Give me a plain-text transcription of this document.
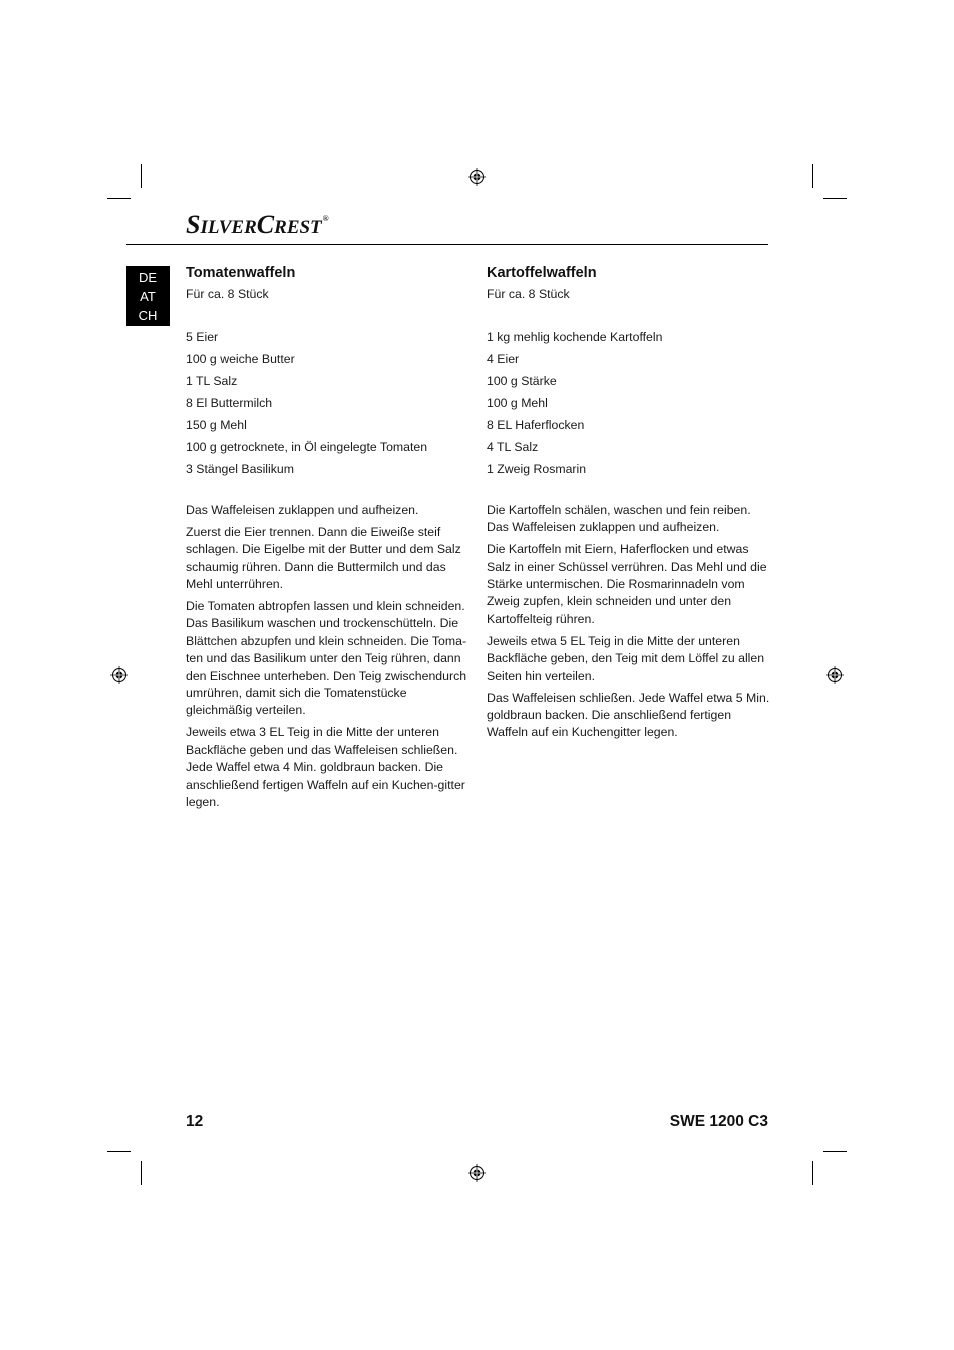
SILVERCREST®
DE
AT
CH
Tomatenwaffeln

Für ca. 8 Stück

5 Eier
100 g weiche Butter
1 TL Salz
8 El Buttermilch
150 g Mehl
100 g getrocknete, in Öl eingelegte Tomaten
3 Stängel Basilikum

Das Waffeleisen zuklappen und aufheizen.

Zuerst die Eier trennen. Dann die Eiweiße steif schlagen. Die Eigelbe mit der Butter und dem Salz schaumig rühren. Dann die Buttermilch und das Mehl unterrühren.

Die Tomaten abtropfen lassen und klein schneiden. Das Basilikum waschen und trockenschütteln. Die Blättchen abzupfen und klein schneiden. Die Toma-ten und das Basilikum unter den Teig rühren, dann den Eischnee unterheben. Den Teig zwischendurch umrühren, damit sich die Tomatenstücke gleichmäßig verteilen.

Jeweils etwa 3 EL Teig in die Mitte der unteren Backfläche geben und das Waffeleisen schließen. Jede Waffel etwa 4 Min. goldbraun backen. Die anschließend fertigen Waffeln auf ein Kuchen-gitter legen.

Kartoffelwaffeln

Für ca. 8 Stück

1 kg mehlig kochende Kartoffeln
4 Eier
100 g Stärke
100 g Mehl
8 EL Haferflocken
4 TL Salz
1 Zweig Rosmarin

Die Kartoffeln schälen, waschen und fein reiben. Das Waffeleisen zuklappen und aufheizen.

Die Kartoffeln mit Eiern, Haferflocken und etwas Salz in einer Schüssel verrühren. Das Mehl und die Stärke untermischen. Die Rosmarinnadeln vom Zweig zupfen, klein schneiden und unter den Kartoffelteig rühren.

Jeweils etwa 5 EL Teig in die Mitte der unteren Backfläche geben, den Teig mit dem Löffel zu allen Seiten hin verteilen.

Das Waffeleisen schließen. Jede Waffel etwa 5 Min. goldbraun backen. Die anschließend fertigen Waffeln auf ein Kuchengitter legen.

12	SWE 1200 C3
